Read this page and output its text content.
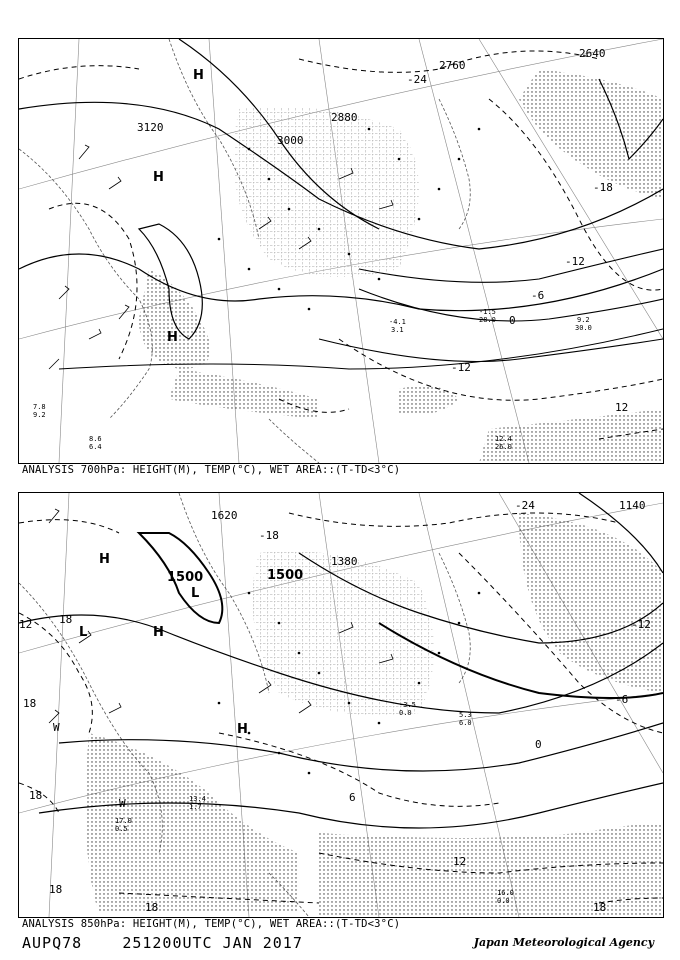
2640
2880
3120
3000
2760
-24
-18
-12
-6
0
-12
12
H
H
H
-4.1
3.1
-1.5
28.0	9.2
30.0
12.4
26.0
8.6
6.4
7.8
9.2
ANALYSIS 700hPa: HEIGHT(M), TEMP(°C), WET AREA::(T-TD<3°C)
1140
1380
1500	1500
1620
-24
-18
-12
-6
0
6
12
18
18
18
18
18	18
12
H
H
H
L
L
W
W
16.0
0.0
13.4
1.7
17.0
0.5
5.3
6.0
-3.5
0.0
ANALYSIS 850hPa: HEIGHT(M), TEMP(°C), WET AREA::(T-TD<3°C)
AUPQ78	251200UTC JAN 2017	Japan Meteorological Agency
